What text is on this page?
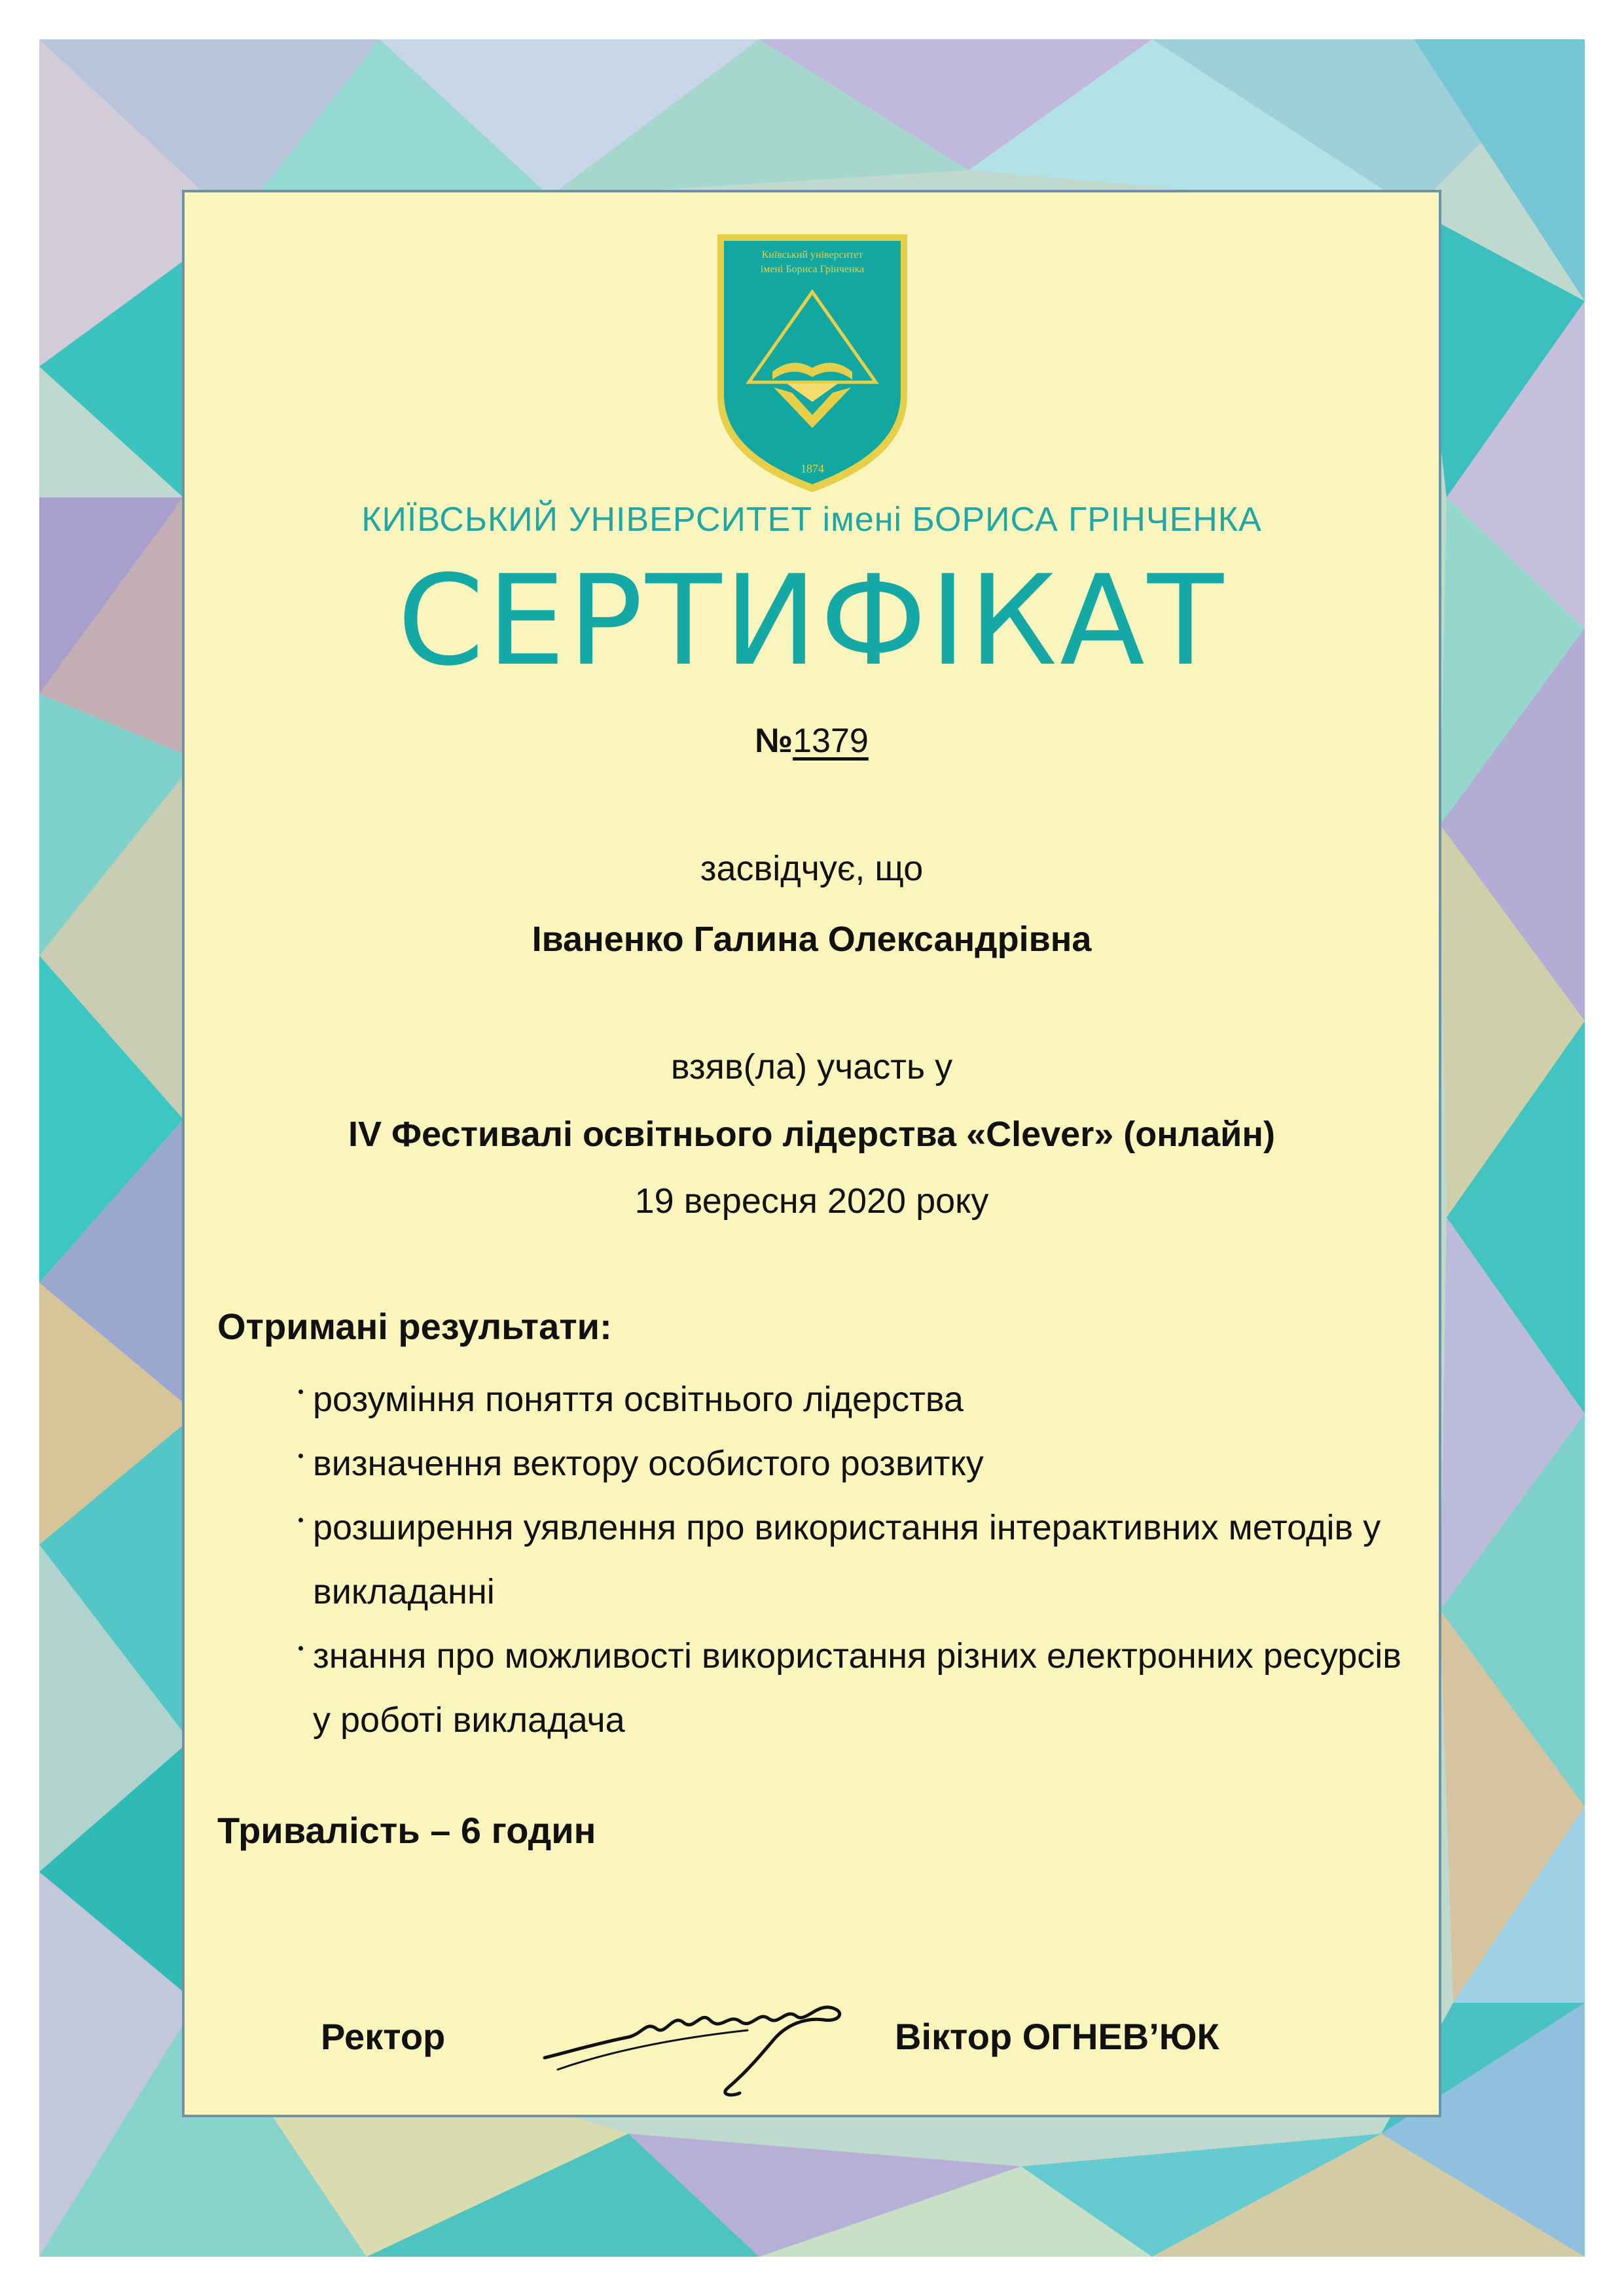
Київський університет
імені Бориса Грінченка
1874
КИЇВСЬКИЙ УНІВЕРСИТЕТ імені БОРИСА ГРІНЧЕНКА
СЕРТИФІКАТ
№1379
засвідчує, що
Іваненко Галина Олександрівна
взяв(ла) участь у
IV Фестивалі освітнього лідерства «Clever» (онлайн)
19 вересня 2020 року
Отримані результати:
розуміння поняття освітнього лідерства
визначення вектору особистого розвитку
розширення уявлення про використання інтерактивних методів у викладанні
знання про можливості використання різних електронних ресурсів у роботі викладача
Тривалість – 6 годин
Ректор	Віктор ОГНЕВ’ЮК
